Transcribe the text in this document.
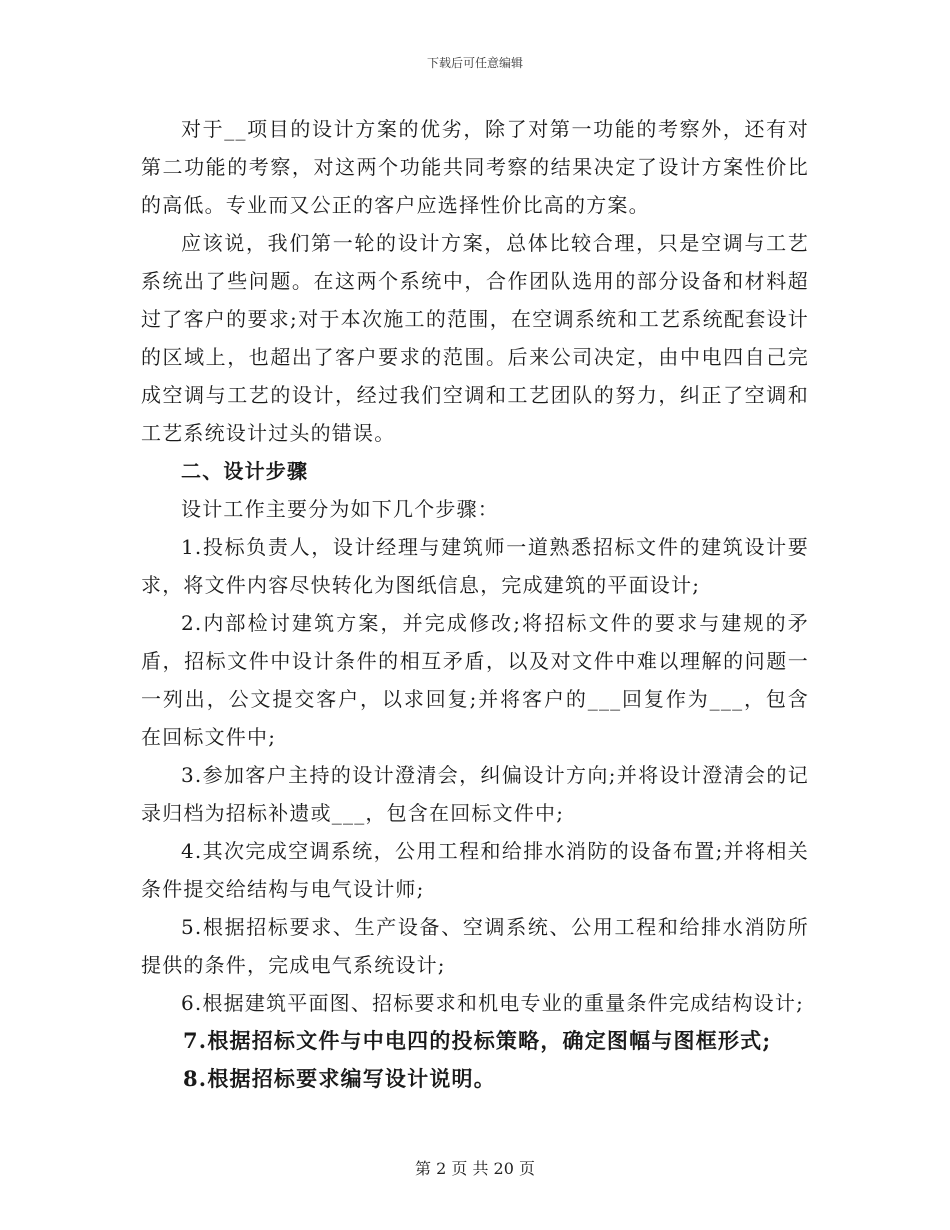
下载后可任意编辑

对于__项目的设计方案的优劣，除了对第一功能的考察外，还有对第二功能的考察，对这两个功能共同考察的结果决定了设计方案性价比的高低。专业而又公正的客户应选择性价比高的方案。

应该说，我们第一轮的设计方案，总体比较合理，只是空调与工艺系统出了些问题。在这两个系统中，合作团队选用的部分设备和材料超过了客户的要求;对于本次施工的范围，在空调系统和工艺系统配套设计的区域上，也超出了客户要求的范围。后来公司决定，由中电四自己完成空调与工艺的设计，经过我们空调和工艺团队的努力，纠正了空调和工艺系统设计过头的错误。

二、设计步骤

设计工作主要分为如下几个步骤：

1.投标负责人，设计经理与建筑师一道熟悉招标文件的建筑设计要求，将文件内容尽快转化为图纸信息，完成建筑的平面设计;

2.内部检讨建筑方案，并完成修改;将招标文件的要求与建规的矛盾，招标文件中设计条件的相互矛盾，以及对文件中难以理解的问题一一列出，公文提交客户，以求回复;并将客户的___回复作为___，包含在回标文件中;

3.参加客户主持的设计澄清会，纠偏设计方向;并将设计澄清会的记录归档为招标补遗或___，包含在回标文件中;

4.其次完成空调系统，公用工程和给排水消防的设备布置;并将相关条件提交给结构与电气设计师;

5.根据招标要求、生产设备、空调系统、公用工程和给排水消防所提供的条件，完成电气系统设计;

6.根据建筑平面图、招标要求和机电专业的重量条件完成结构设计;

7.根据招标文件与中电四的投标策略，确定图幅与图框形式;

8.根据招标要求编写设计说明。

第 2 页 共 20 页
